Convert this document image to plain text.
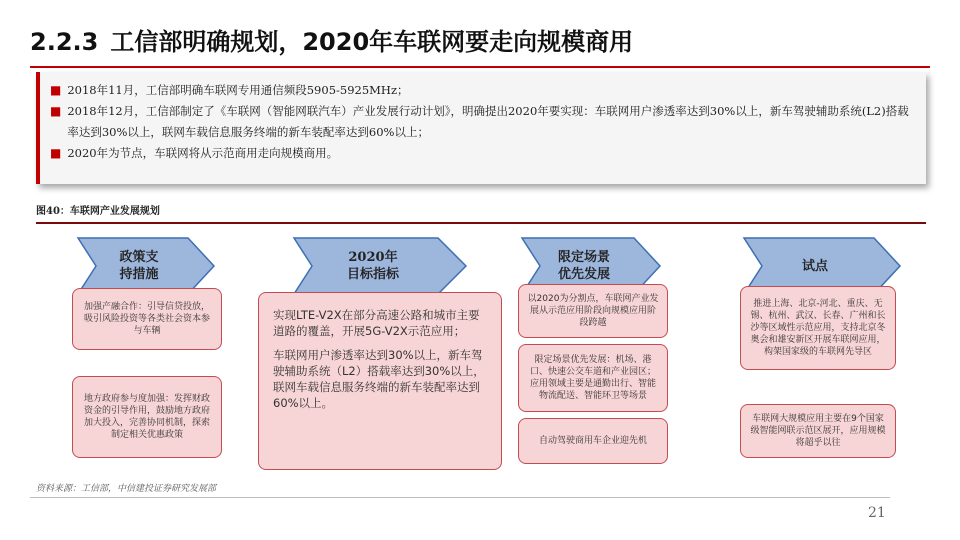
2.2.3 工信部明确规划，2020年车联网要走向规模商用
■ 2018年11月，工信部明确车联网专用通信频段5905-5925MHz；
■ 2018年12月，工信部制定了《车联网（智能网联汽车）产业发展行动计划》，明确提出2020年要实现：车联网用户渗透率达到30%以上，新车驾驶辅助系统(L2)搭载率达到30%以上，联网车载信息服务终端的新车装配率达到60%以上；
■ 2020年为节点，车联网将从示范商用走向规模商用。
图40：车联网产业发展规划
政策支
持措施
加强产融合作：引导信贷投放，吸引风险投资等各类社会资本参与车辆
地方政府参与度加强：发挥财政资金的引导作用，鼓励地方政府加大投入，完善协同机制，探索制定相关优惠政策
2020年
目标指标

实现LTE-V2X在部分高速公路和城市主要道路的覆盖，开展5G-V2X示范应用；

车联网用户渗透率达到30%以上，新车驾驶辅助系统（L2）搭载率达到30%以上，联网车载信息服务终端的新车装配率达到60%以上。

限定场景
优先发展
以2020为分割点，车联网产业发展从示范应用阶段向规模应用阶段跨越
限定场景优先发展：机场、港口、快速公交车道和产业园区；应用领域主要是通勤出行、智能物流配送、智能环卫等场景
自动驾驶商用车企业迎先机
试点
推进上海、北京-河北、重庆、无锡、杭州、武汉、长春、广州和长沙等区域性示范应用，支持北京冬奥会和雄安新区开展车联网应用，构架国家级的车联网先导区
车联网大规模应用主要在9个国家级智能网联示范区展开，应用规模将超乎以往
资料来源：工信部，中信建投证券研究发展部
21
